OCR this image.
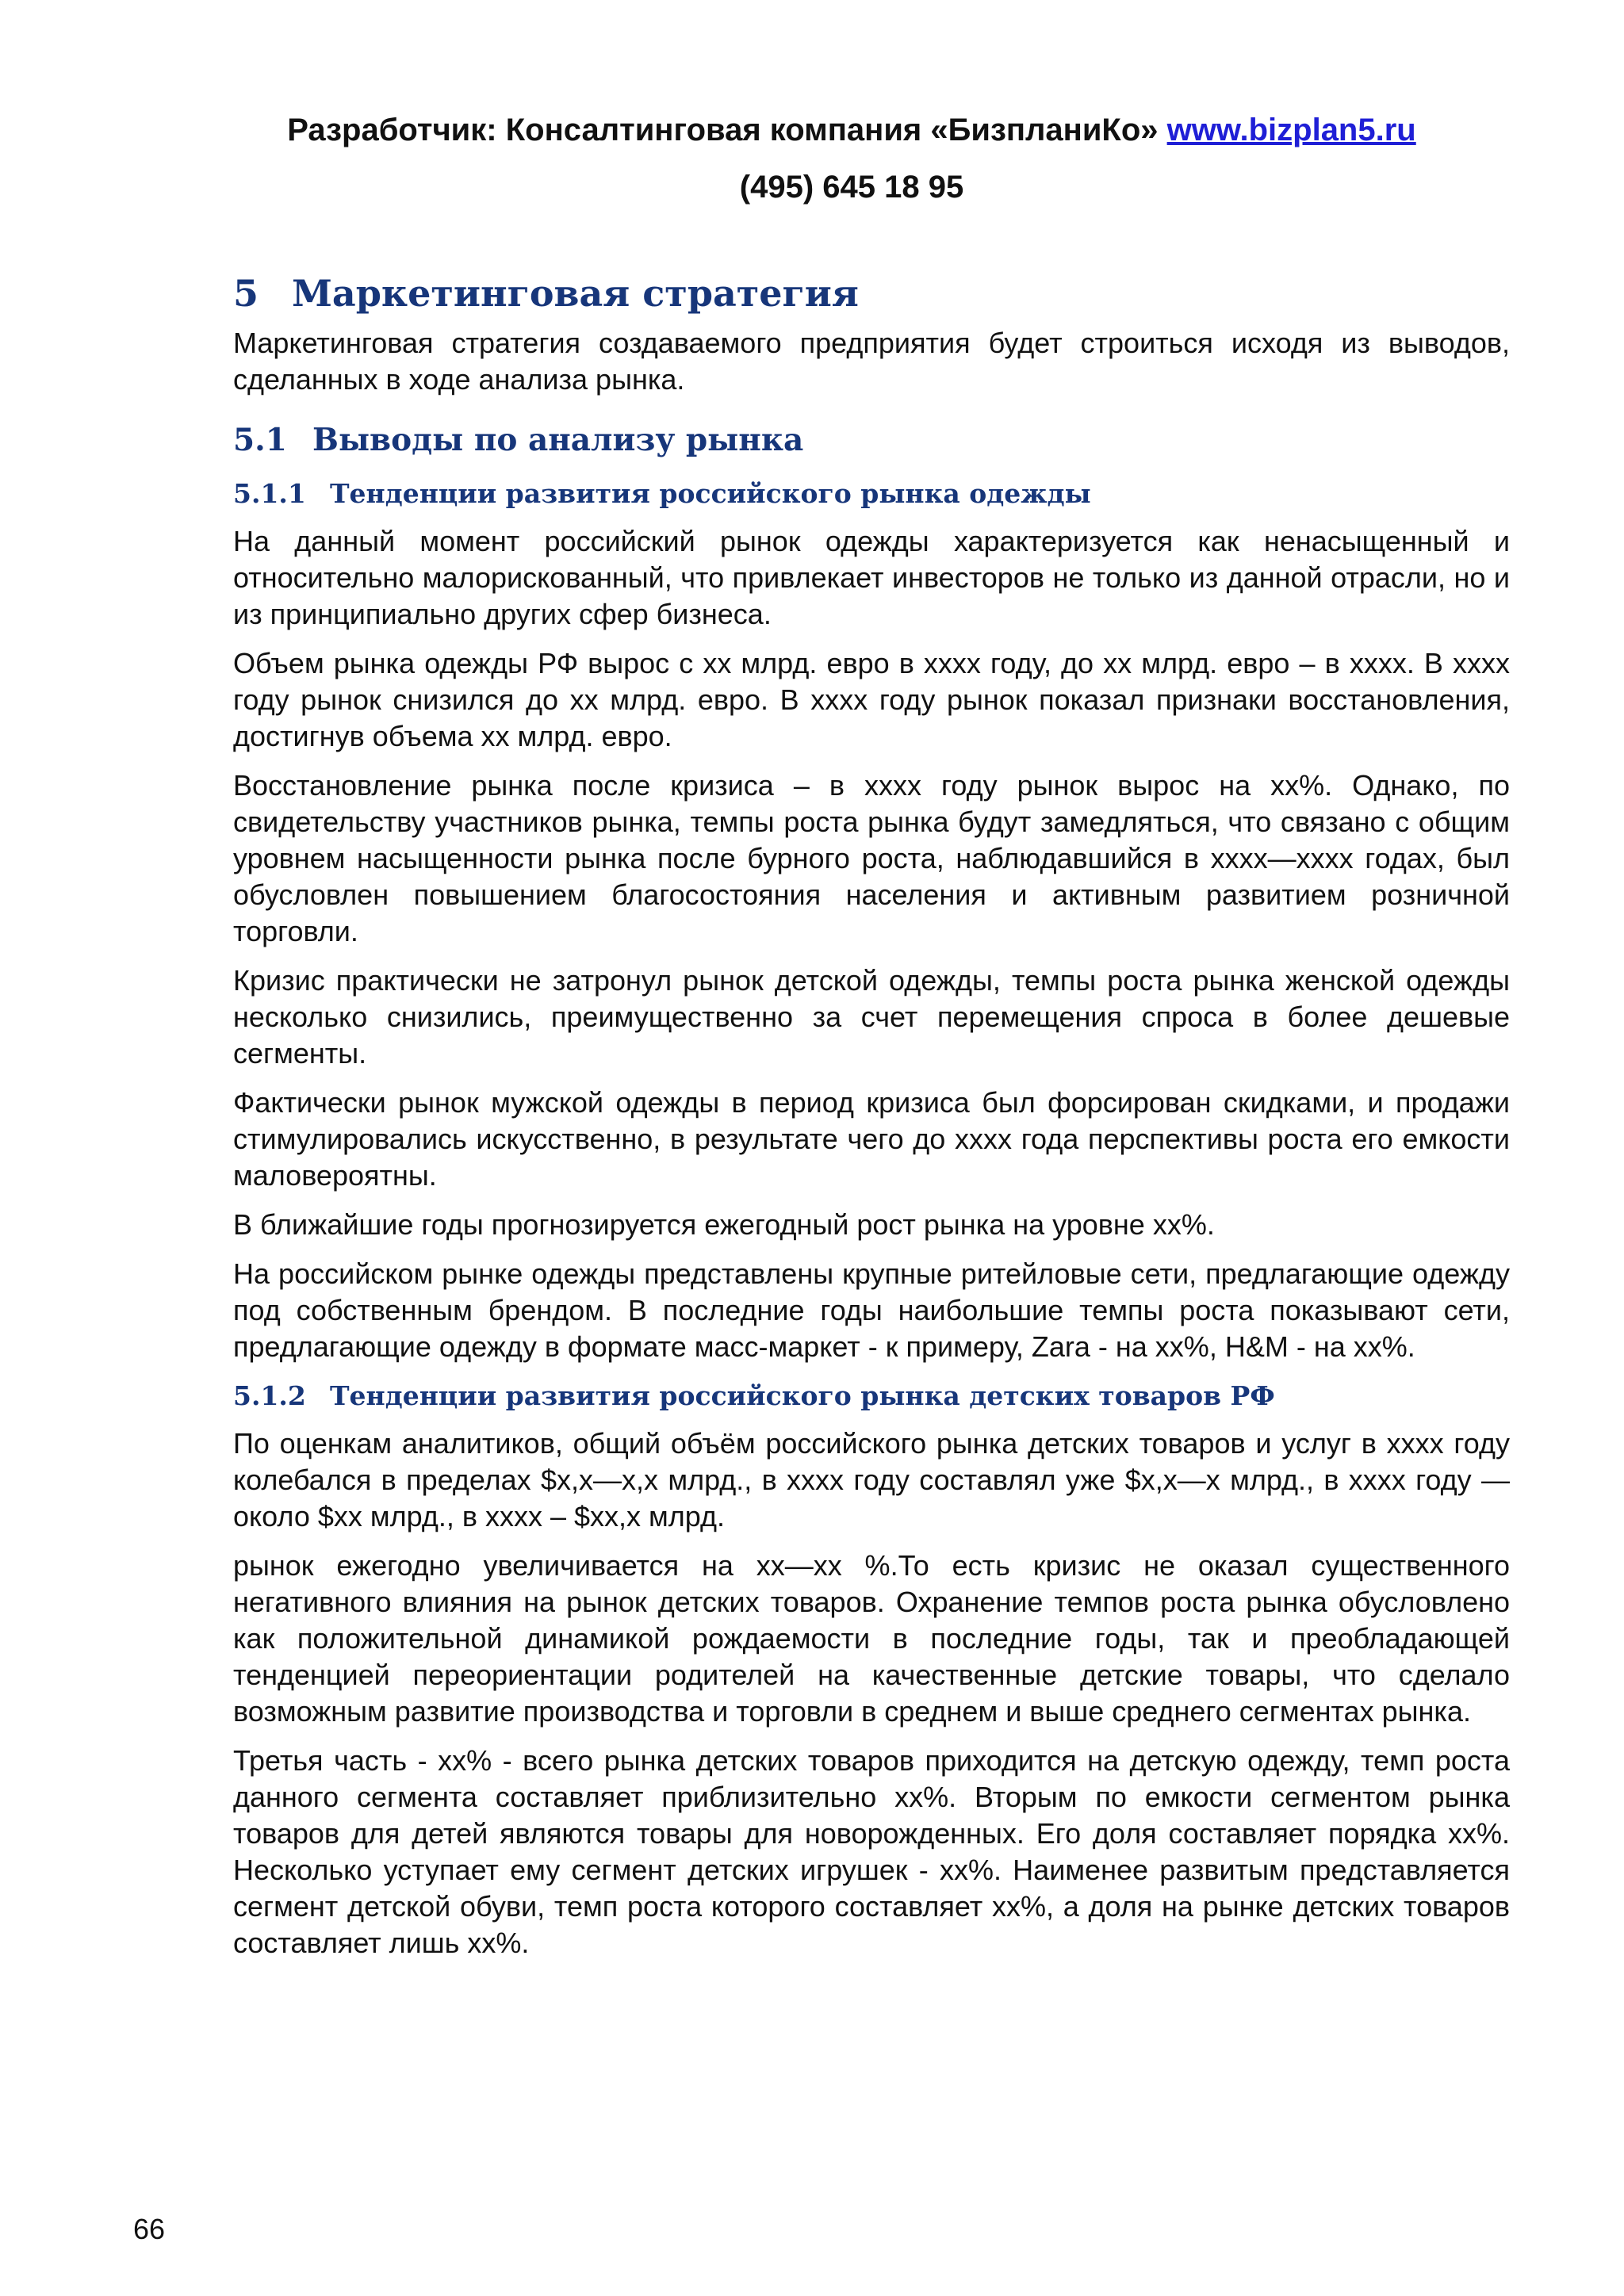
Разработчик: Консалтинговая компания «БизпланиКо» www.bizplan5.ru
(495) 645 18 95
5 Маркетинговая стратегия

Маркетинговая стратегия создаваемого предприятия будет строиться исходя из выводов, сделанных в ходе анализа рынка.

5.1 Выводы по анализу рынка
5.1.1 Тенденции развития российского рынка одежды

На данный момент российский рынок одежды характеризуется как ненасыщенный и относительно малорискованный, что привлекает инвесторов не только из данной отрасли, но и из принципиально других сфер бизнеса.

Объем рынка одежды РФ вырос с хх млрд. евро в хххх году, до хх млрд. евро – в хххх. В хххх году рынок снизился до хх млрд. евро. В хххх году рынок показал признаки восстановления, достигнув объема хх млрд. евро.

Восстановление рынка после кризиса – в хххх году рынок вырос на хх%. Однако, по свидетельству участников рынка, темпы роста рынка будут замедляться, что связано с общим уровнем насыщенности рынка после бурного роста, наблюдавшийся в хххх—хххх годах, был обусловлен повышением благосостояния населения и активным развитием розничной торговли.

Кризис практически не затронул рынок детской одежды, темпы роста рынка женской одежды несколько снизились, преимущественно за счет перемещения спроса в более дешевые сегменты.

Фактически рынок мужской одежды в период кризиса был форсирован скидками, и продажи стимулировались искусственно, в результате чего до хххх года перспективы роста его емкости маловероятны.

В ближайшие годы прогнозируется ежегодный рост рынка на уровне хх%.

На российском рынке одежды представлены крупные ритейловые сети, предлагающие одежду под собственным брендом. В последние годы наибольшие темпы роста показывают сети, предлагающие одежду в формате масс-маркет - к примеру, Zara - на хх%, H&M - на хх%.

5.1.2 Тенденции развития российского рынка детских товаров РФ

По оценкам аналитиков, общий объём российского рынка детских товаров и услуг в хххх году колебался в пределах $х,х—х,х млрд., в хххх году составлял уже $х,х—х млрд., в хххх году — около $хх млрд., в хххх – $хх,х млрд.

рынок ежегодно увеличивается на хх—хх %.То есть кризис не оказал существенного негативного влияния на рынок детских товаров. Охранение темпов роста рынка обусловлено как положительной динамикой рождаемости в последние годы, так и преобладающей тенденцией переориентации родителей на качественные детские товары, что сделало возможным развитие производства и торговли в среднем и выше среднего сегментах рынка.

Третья часть - хх% - всего рынка детских товаров приходится на детскую одежду, темп роста данного сегмента составляет приблизительно хх%. Вторым по емкости сегментом рынка товаров для детей являются товары для новорожденных. Его доля составляет порядка хх%. Несколько уступает ему сегмент детских игрушек - хх%. Наименее развитым представляется сегмент детской обуви, темп роста которого составляет хх%, а доля на рынке детских товаров составляет лишь хх%.

66
